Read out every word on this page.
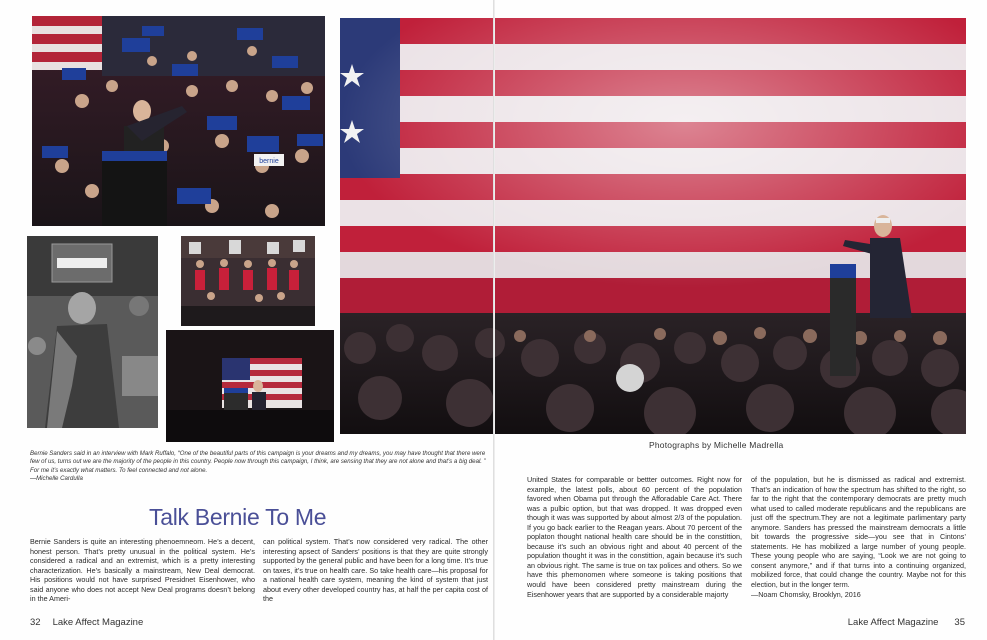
bernie
Bernie Sanders said in an interview with Mark Ruffalo, “One of the beautiful parts of this campaign is your dreams and my dreams, you may have thought that there were few of us, turns out we are the majority of the people in this country. People now through this campaign, I think, are sensing that they are not alone and that’s a big deal. ” For me it’s exactly what matters. To feel connected and not alone.
—Michelle Cardulla
Photographs by Michelle Madrella
Talk Bernie To Me

Bernie Sanders is quite an interesting phenoemneom. He’s a decent, honest person. That’s pretty unusual in the political system. He’s considered a radical and an extremist, which is a pretty interesting characterization. He’s basically a mainstream, New Deal democrat. His positions would not have surprised Presidnet Eisenhower, who said anyone who does not accept New Deal programs doesn’t belong in the Ameri-

can political system. That’s now considered very radical. The other interesting apsect of Sanders’ positions is that they are quite strongly supported by the general public and have been for a long time. It’s true on taxes, it’s true on health care. So take health care—his proposal for a national health care system, meaning the kind of system that just about every other developed country has, at half the per capita cost of the

United States for comparable or bettter outcomes. Right now for example, the latest polls, about 60 percent of the population favored when Obama put through the Afforadable Care Act. There was a pulbic option, but that was dropped. It was dropped even though it was was supported by about almost 2/3 of the population. If you go back earlier to the Reagan years. About 70 percent of the poplaton thought national health care should be in the constittion, because it’s such an obvious right and about 40 percent of the population thought it was in the constittion, again because it’s such an obvious right. The same is true on tax polices and others. So we have this phemonomen where someone is taking positions that would have been considered pretty mainstream during the Eisenhower years that are supported by a considerable majorty

of the population, but he is dismissed as radical and extremist. That’s an indication of how the spectrum has shifted to the right, so far to the right that the contemporary democrats are pretty much what used to called moderate republicans and the republicans are just off the spectrum.They are not a legitimate parlimentary party anymore. Sanders has pressed the mainstream democrats a little bit towards the progressive side—you see that in Cintons’ statements. He has mobilized a large number of young people. These young people who are saying, “Look we are not going to consent anymore,” and if that turns into a continuing organized, mobilized force, that could change the country. Maybe not for this election, but in the longer term.

—Noam Chomsky, Brooklyn, 2016

32 Lake Affect Magazine	Lake Affect Magazine 35
